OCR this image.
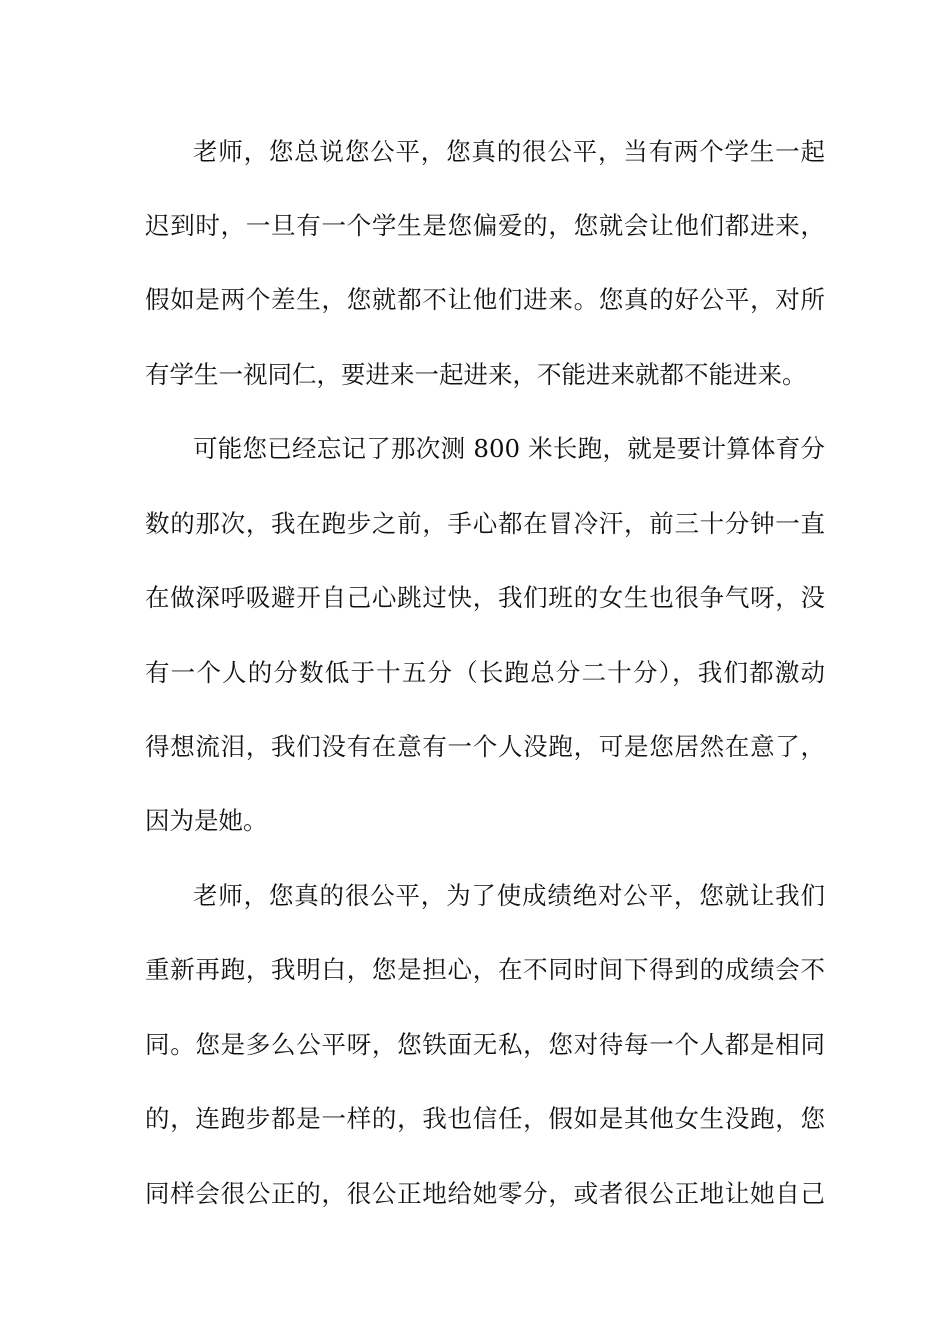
老师，您总说您公平，您真的很公平，当有两个学生一起
迟到时，一旦有一个学生是您偏爱的，您就会让他们都进来，
假如是两个差生，您就都不让他们进来。您真的好公平，对所
有学生一视同仁，要进来一起进来，不能进来就都不能进来。
可能您已经忘记了那次测 800 米长跑，就是要计算体育分
数的那次，我在跑步之前，手心都在冒冷汗，前三十分钟一直
在做深呼吸避开自己心跳过快，我们班的女生也很争气呀，没
有一个人的分数低于十五分（长跑总分二十分），我们都激动
得想流泪，我们没有在意有一个人没跑，可是您居然在意了，
因为是她。
老师，您真的很公平，为了使成绩绝对公平，您就让我们
重新再跑，我明白，您是担心，在不同时间下得到的成绩会不
同。您是多么公平呀，您铁面无私，您对待每一个人都是相同
的，连跑步都是一样的，我也信任，假如是其他女生没跑，您
同样会很公正的，很公正地给她零分，或者很公正地让她自己
